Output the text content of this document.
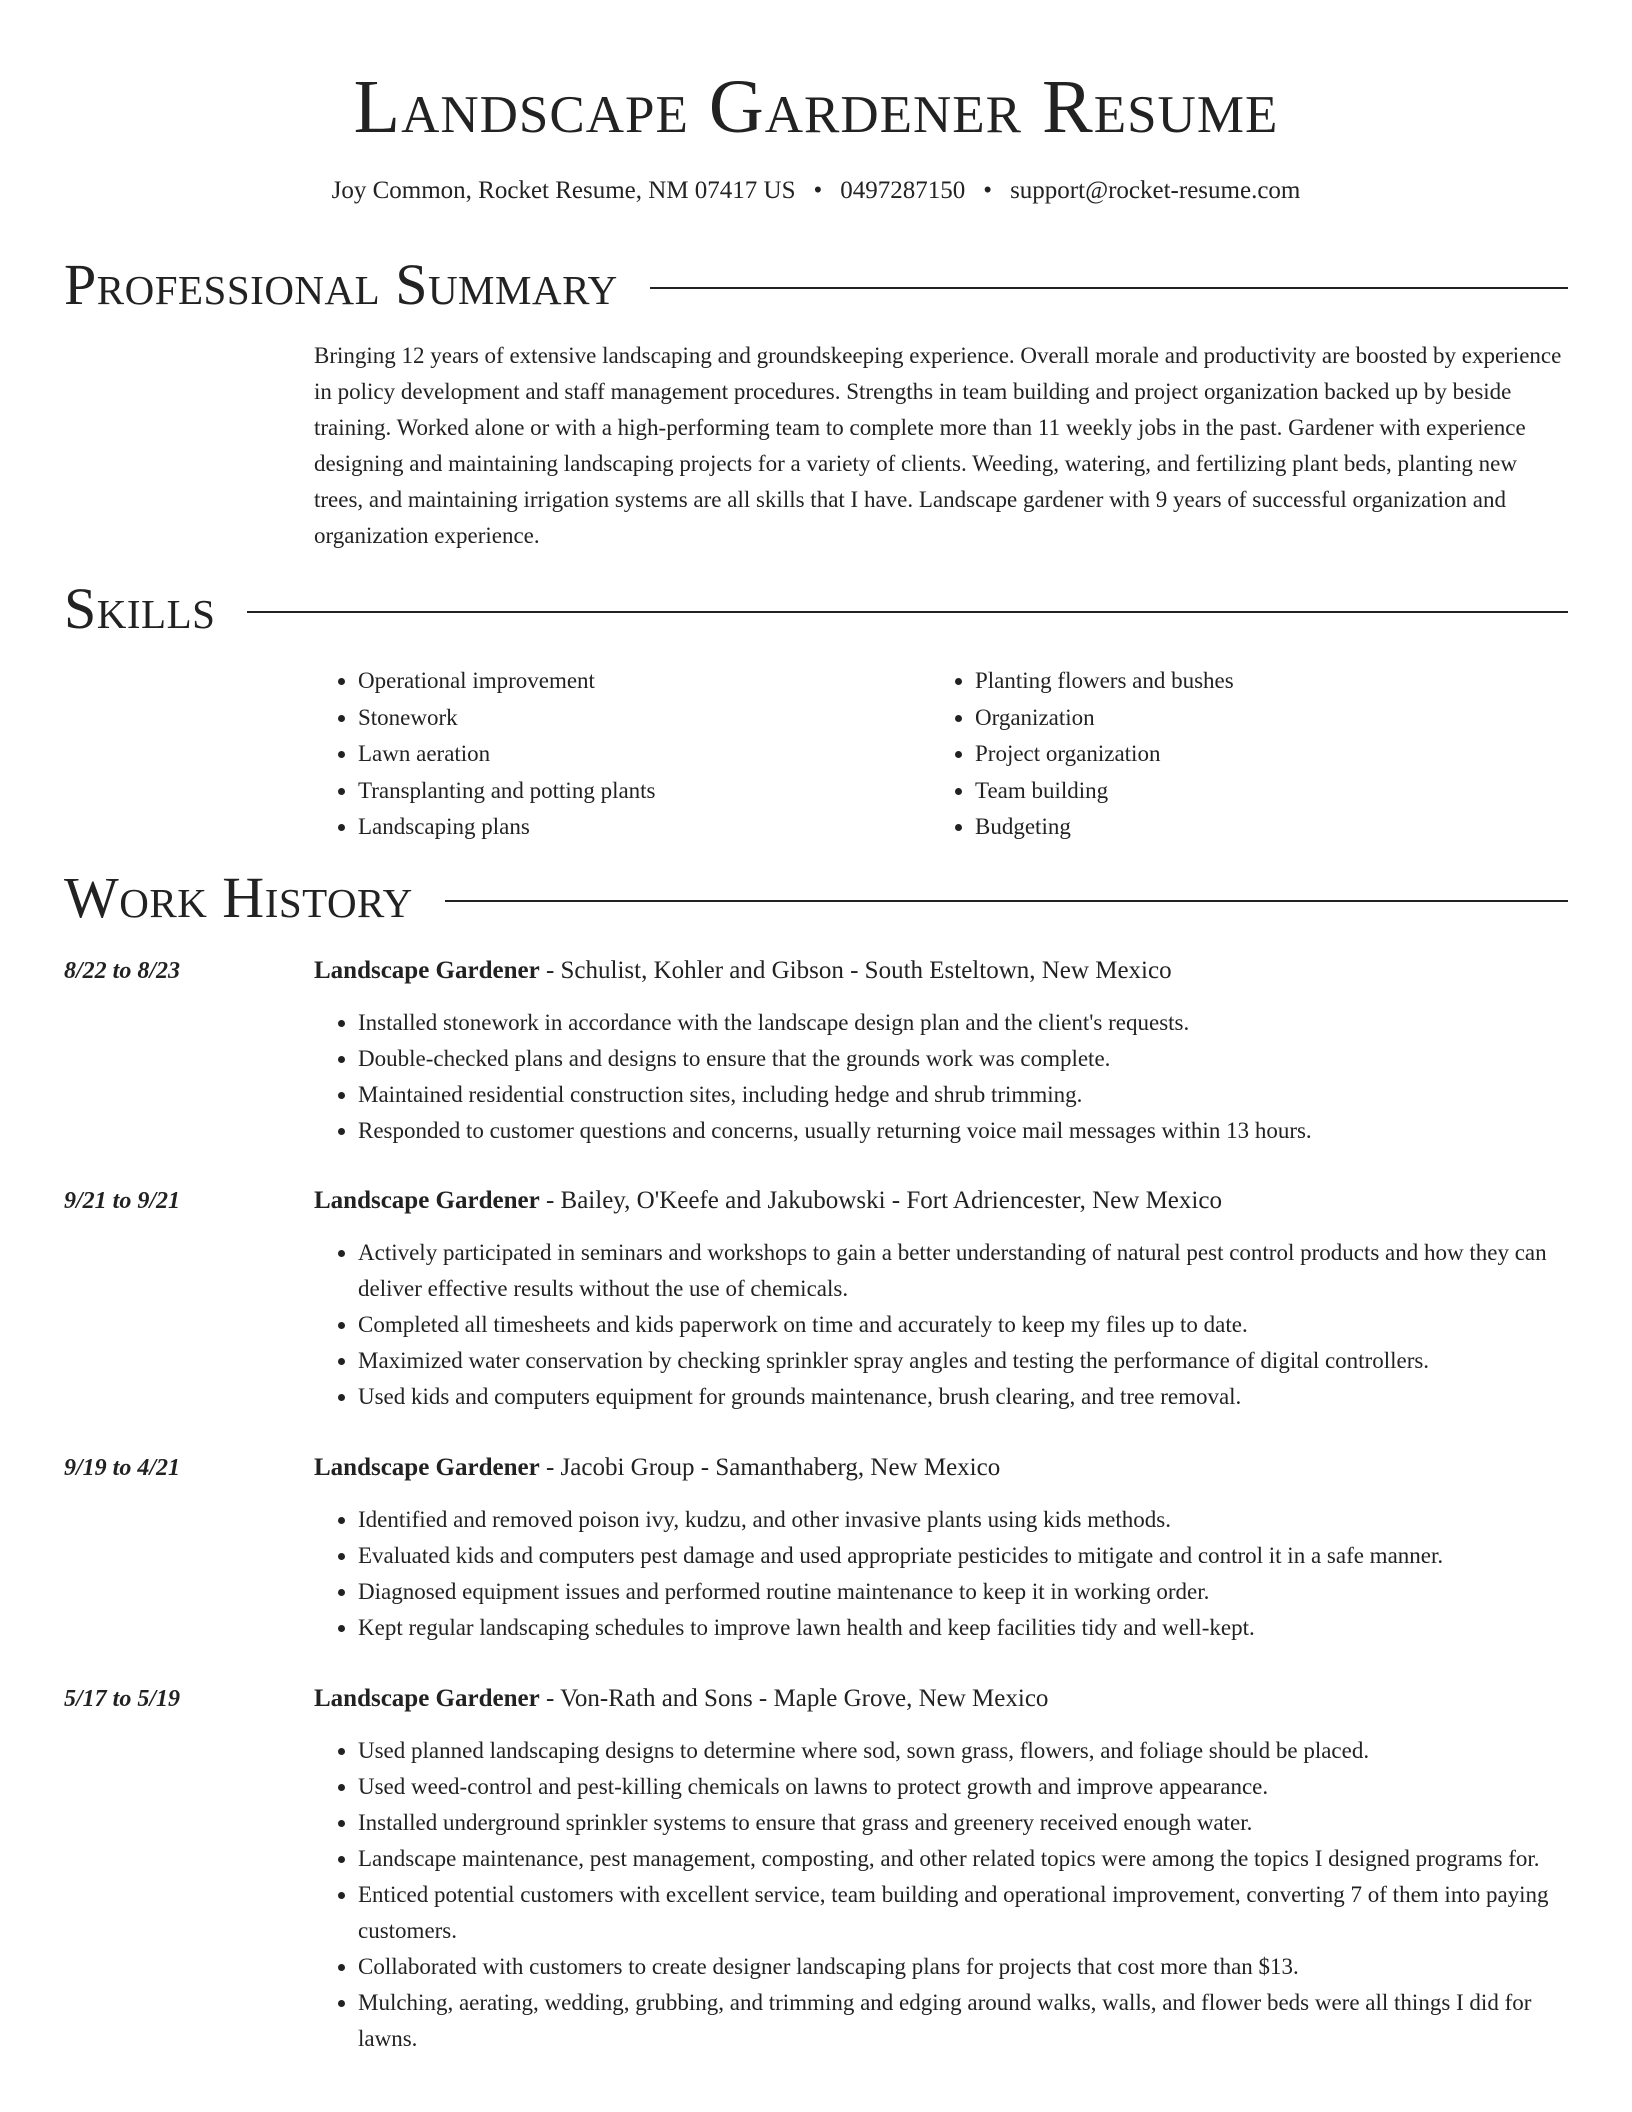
Landscape Gardener Resume
Joy Common, Rocket Resume, NM 07417 US • 0497287150 • support@rocket-resume.com
Professional Summary

Bringing 12 years of extensive landscaping and groundskeeping experience. Overall morale and productivity are boosted by experience in policy development and staff management procedures. Strengths in team building and project organization backed up by beside training. Worked alone or with a high-performing team to complete more than 11 weekly jobs in the past. Gardener with experience designing and maintaining landscaping projects for a variety of clients. Weeding, watering, and fertilizing plant beds, planting new trees, and maintaining irrigation systems are all skills that I have. Landscape gardener with 9 years of successful organization and organization experience.

Skills
• Operational improvement
• Stonework
• Lawn aeration
• Transplanting and potting plants
• Landscaping plans
• Planting flowers and bushes
• Organization
• Project organization
• Team building
• Budgeting
Work History
8/22 to 8/23	Landscape Gardener - Schulist, Kohler and Gibson - South Esteltown, New Mexico
• Installed stonework in accordance with the landscape design plan and the client's requests.
• Double-checked plans and designs to ensure that the grounds work was complete.
• Maintained residential construction sites, including hedge and shrub trimming.
• Responded to customer questions and concerns, usually returning voice mail messages within 13 hours.
9/21 to 9/21	Landscape Gardener - Bailey, O'Keefe and Jakubowski - Fort Adriencester, New Mexico
• Actively participated in seminars and workshops to gain a better understanding of natural pest control products and how they can deliver effective results without the use of chemicals.
• Completed all timesheets and kids paperwork on time and accurately to keep my files up to date.
• Maximized water conservation by checking sprinkler spray angles and testing the performance of digital controllers.
• Used kids and computers equipment for grounds maintenance, brush clearing, and tree removal.
9/19 to 4/21	Landscape Gardener - Jacobi Group - Samanthaberg, New Mexico
• Identified and removed poison ivy, kudzu, and other invasive plants using kids methods.
• Evaluated kids and computers pest damage and used appropriate pesticides to mitigate and control it in a safe manner.
• Diagnosed equipment issues and performed routine maintenance to keep it in working order.
• Kept regular landscaping schedules to improve lawn health and keep facilities tidy and well-kept.
5/17 to 5/19	Landscape Gardener - Von-Rath and Sons - Maple Grove, New Mexico
• Used planned landscaping designs to determine where sod, sown grass, flowers, and foliage should be placed.
• Used weed-control and pest-killing chemicals on lawns to protect growth and improve appearance.
• Installed underground sprinkler systems to ensure that grass and greenery received enough water.
• Landscape maintenance, pest management, composting, and other related topics were among the topics I designed programs for.
• Enticed potential customers with excellent service, team building and operational improvement, converting 7 of them into paying customers.
• Collaborated with customers to create designer landscaping plans for projects that cost more than $13.
• Mulching, aerating, wedding, grubbing, and trimming and edging around walks, walls, and flower beds were all things I did for lawns.
